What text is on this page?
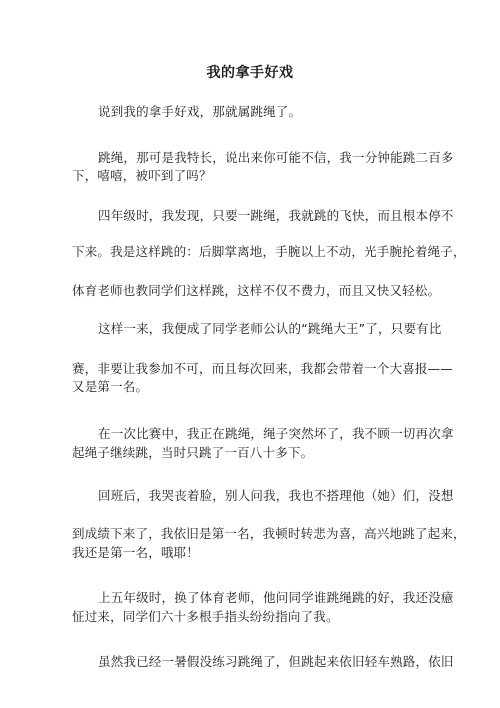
我的拿手好戏
说到我的拿手好戏，那就属跳绳了。
跳绳，那可是我特长，说出来你可能不信，我一分钟能跳二百多
下，嘻嘻，被吓到了吗？
四年级时，我发现，只要一跳绳，我就跳的飞快，而且根本停不
下来。我是这样跳的：后脚掌离地，手腕以上不动，光手腕抡着绳子，
体育老师也教同学们这样跳，这样不仅不费力，而且又快又轻松。
这样一来，我便成了同学老师公认的“跳绳大王”了，只要有比
赛，非要让我参加不可，而且每次回来，我都会带着一个大喜报——
又是第一名。
在一次比赛中，我正在跳绳，绳子突然坏了，我不顾一切再次拿
起绳子继续跳，当时只跳了一百八十多下。
回班后，我哭丧着脸，别人问我，我也不搭理他（她）们，没想
到成绩下来了，我依旧是第一名，我顿时转悲为喜，高兴地跳了起来，
我还是第一名，哦耶！
上五年级时，换了体育老师，他问同学谁跳绳跳的好，我还没癔
怔过来，同学们六十多根手指头纷纷指向了我。
虽然我已经一暑假没练习跳绳了，但跳起来依旧轻车熟路，依旧
